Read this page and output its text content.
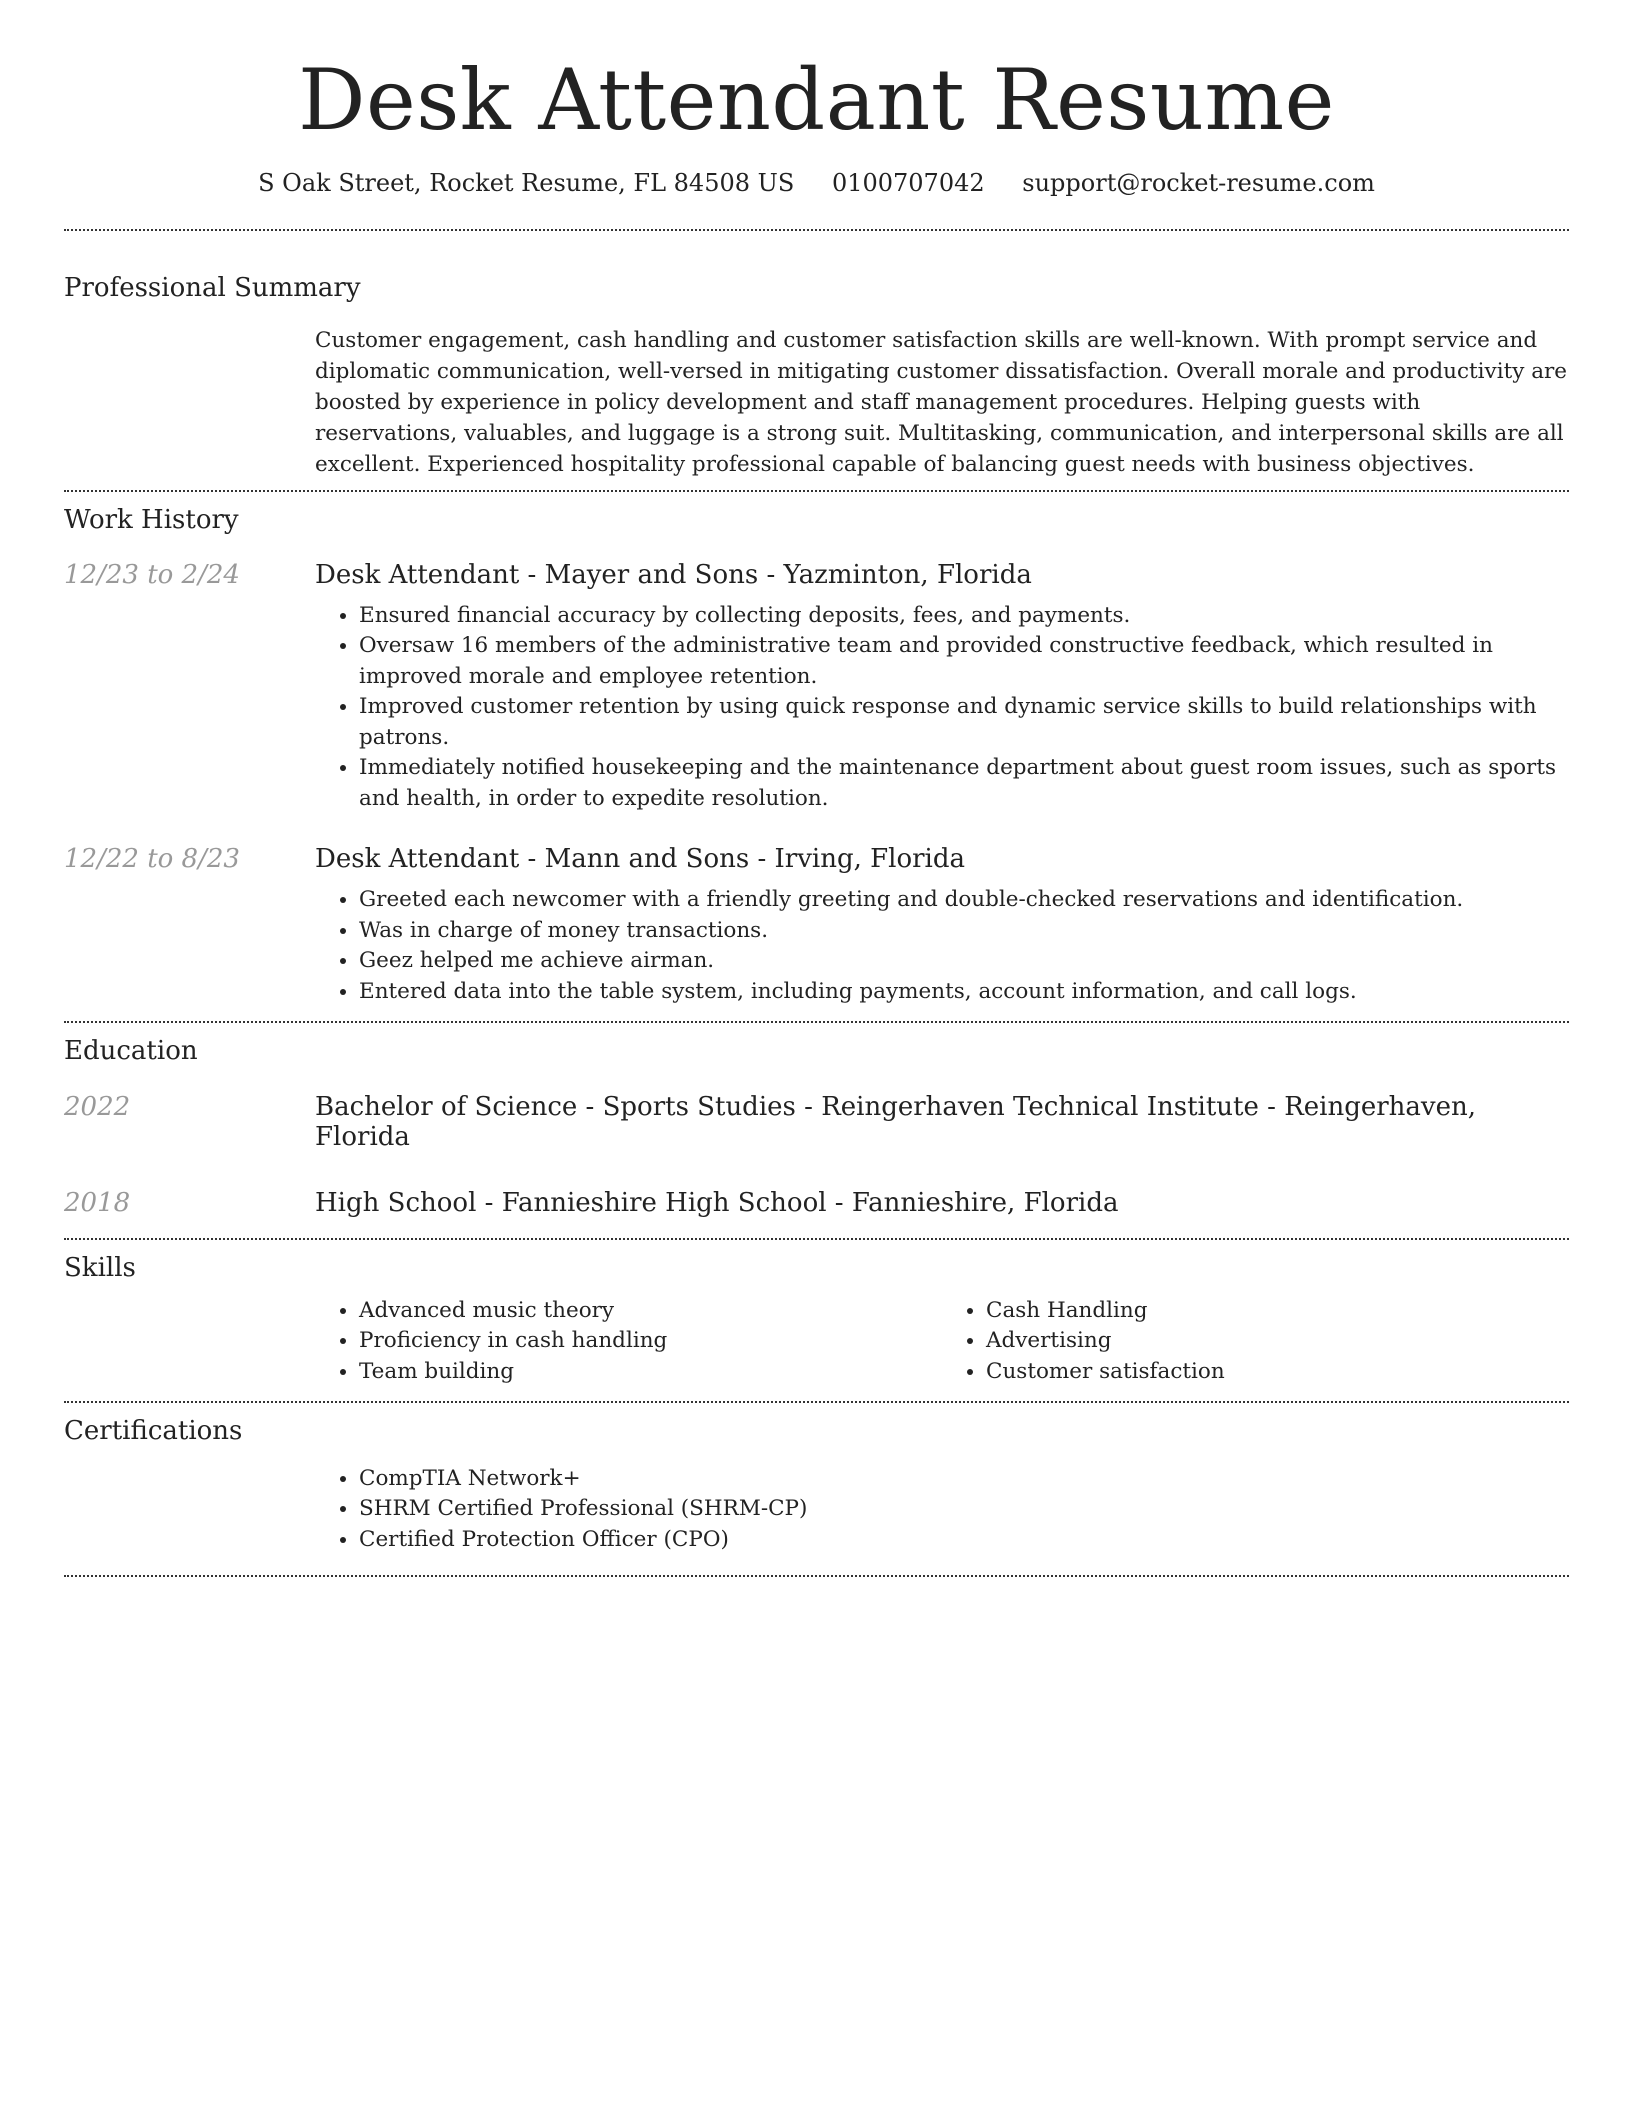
Desk Attendant Resume
S Oak Street, Rocket Resume, FL 84508 US 0100707042 support@rocket-resume.com
Professional Summary

Customer engagement, cash handling and customer satisfaction skills are well-known. With prompt service and diplomatic communication, well-versed in mitigating customer dissatisfaction. Overall morale and productivity are boosted by experience in policy development and staff management procedures. Helping guests with reservations, valuables, and luggage is a strong suit. Multitasking, communication, and interpersonal skills are all excellent. Experienced hospitality professional capable of balancing guest needs with business objectives.

Work History
12/23 to 2/24	Desk Attendant - Mayer and Sons - Yazminton, Florida
• Ensured financial accuracy by collecting deposits, fees, and payments.
• Oversaw 16 members of the administrative team and provided constructive feedback, which resulted in improved morale and employee retention.
• Improved customer retention by using quick response and dynamic service skills to build relationships with patrons.
• Immediately notified housekeeping and the maintenance department about guest room issues, such as sports and health, in order to expedite resolution.
12/22 to 8/23	Desk Attendant - Mann and Sons - Irving, Florida
• Greeted each newcomer with a friendly greeting and double-checked reservations and identification.
• Was in charge of money transactions.
• Geez helped me achieve airman.
• Entered data into the table system, including payments, account information, and call logs.
Education
2022	Bachelor of Science - Sports Studies - Reingerhaven Technical Institute - Reingerhaven, Florida
2018	High School - Fannieshire High School - Fannieshire, Florida
Skills
• Advanced music theory
• Proficiency in cash handling
• Team building
• Cash Handling
• Advertising
• Customer satisfaction
Certifications
• CompTIA Network+
• SHRM Certified Professional (SHRM-CP)
• Certified Protection Officer (CPO)
